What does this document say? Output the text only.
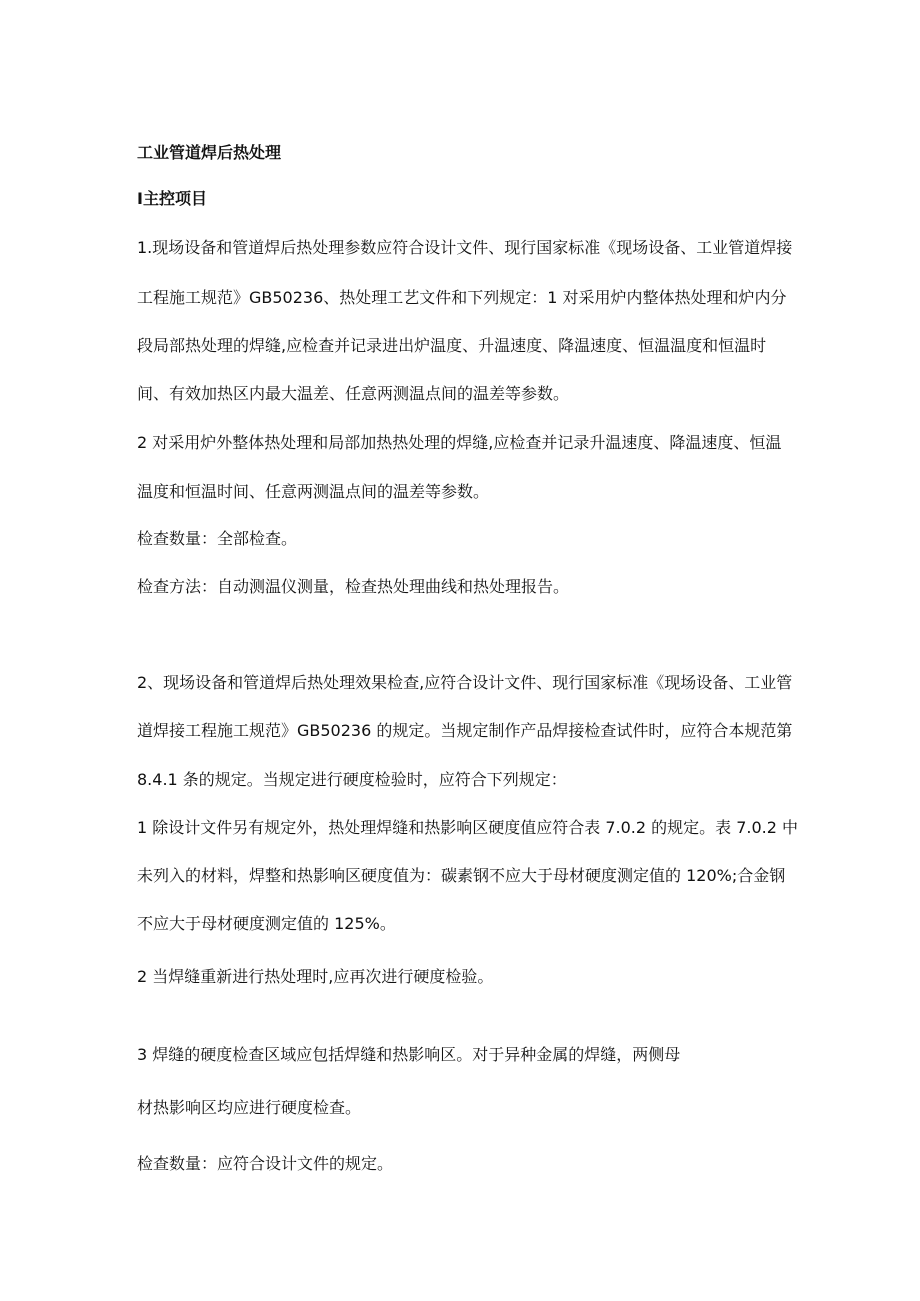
工业管道焊后热处理
Ⅰ主控项目
1.现场设备和管道焊后热处理参数应符合设计文件、现行国家标准《现场设备、工业管道焊接
工程施工规范》GB50236、热处理工艺文件和下列规定：1 对采用炉内整体热处理和炉内分
段局部热处理的焊缝,应检查并记录进出炉温度、升温速度、降温速度、恒温温度和恒温时
间、有效加热区内最大温差、任意两测温点间的温差等参数。
2 对采用炉外整体热处理和局部加热热处理的焊缝,应检查并记录升温速度、降温速度、恒温
温度和恒温时间、任意两测温点间的温差等参数。
检查数量：全部检查。
检查方法：自动测温仪测量，检查热处理曲线和热处理报告。
2、现场设备和管道焊后热处理效果检查,应符合设计文件、现行国家标准《现场设备、工业管
道焊接工程施工规范》GB50236 的规定。当规定制作产品焊接检查试件时，应符合本规范第
8.4.1 条的规定。当规定进行硬度检验时，应符合下列规定：
1 除设计文件另有规定外，热处理焊缝和热影响区硬度值应符合表 7.0.2 的规定。表 7.0.2 中
未列入的材料，焊整和热影响区硬度值为：碳素钢不应大于母材硬度测定值的 120%;合金钢
不应大于母材硬度测定值的 125%。
2 当焊缝重新进行热处理时,应再次进行硬度检验。
3 焊缝的硬度检查区域应包括焊缝和热影响区。对于异种金属的焊缝，两侧母
材热影响区均应进行硬度检查。
检查数量：应符合设计文件的规定。
